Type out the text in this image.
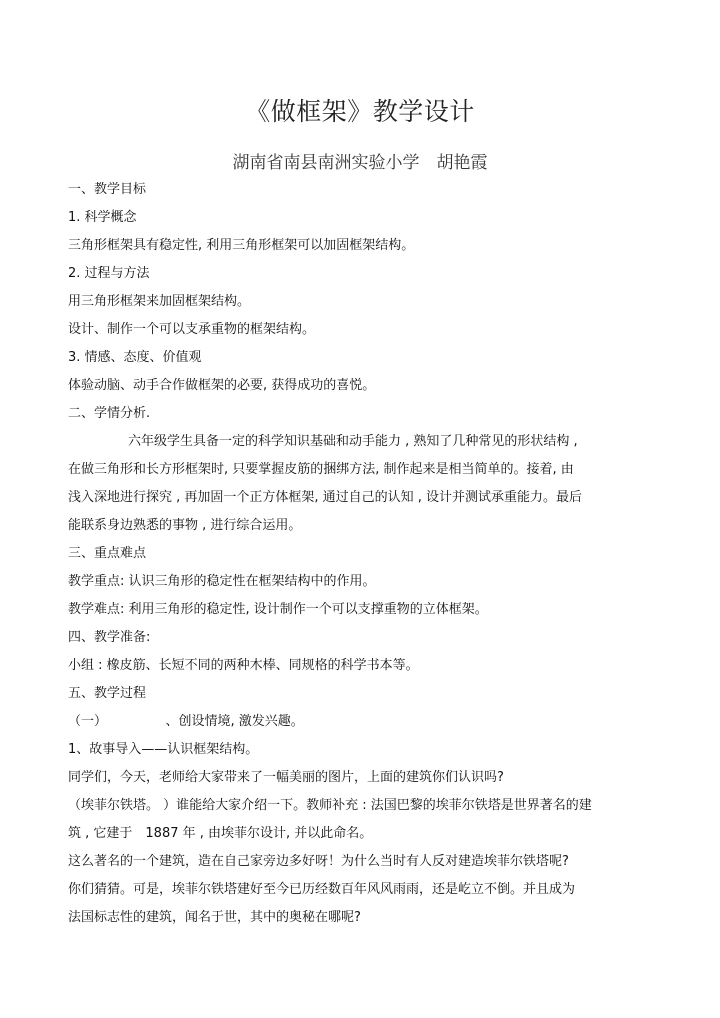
《做框架》教学设计
湖南省南县南洲实验小学　胡艳霞
一、教学目标
1. 科学概念
三角形框架具有稳定性, 利用三角形框架可以加固框架结构。
2. 过程与方法
用三角形框架来加固框架结构。
设计、制作一个可以支承重物的框架结构。
3. 情感、态度、价值观
体验动脑、动手合作做框架的必要, 获得成功的喜悦。
二、学情分析.
六年级学生具备一定的科学知识基础和动手能力 , 熟知了几种常见的形状结构 ,
在做三角形和长方形框架时, 只要掌握皮筋的捆绑方法, 制作起来是相当简单的。接着, 由
浅入深地进行探究 , 再加固一个正方体框架, 通过自己的认知 , 设计并测试承重能力。最后
能联系身边熟悉的事物 , 进行综合运用。
三、重点难点
教学重点: 认识三角形的稳定性在框架结构中的作用。
教学难点: 利用三角形的稳定性, 设计制作一个可以支撑重物的立体框架。
四、教学准备:
小组 : 橡皮筋、长短不同的两种木棒、同规格的科学书本等。
五、教学过程
（一）　　　　　、创设情境, 激发兴趣。
1、故事导入——认识框架结构。
同学们，今天，老师给大家带来了一幅美丽的图片，上面的建筑你们认识吗?
（埃菲尔铁塔。 ）谁能给大家介绍一下。教师补充 : 法国巴黎的埃菲尔铁塔是世界著名的建
筑 , 它建于　1887 年 , 由埃菲尔设计, 并以此命名。
这么著名的一个建筑，造在自己家旁边多好呀！为什么当时有人反对建造埃菲尔铁塔呢?
你们猜猜。可是，埃菲尔铁塔建好至今已历经数百年风风雨雨，还是屹立不倒。并且成为
法国标志性的建筑，闻名于世，其中的奥秘在哪呢?
